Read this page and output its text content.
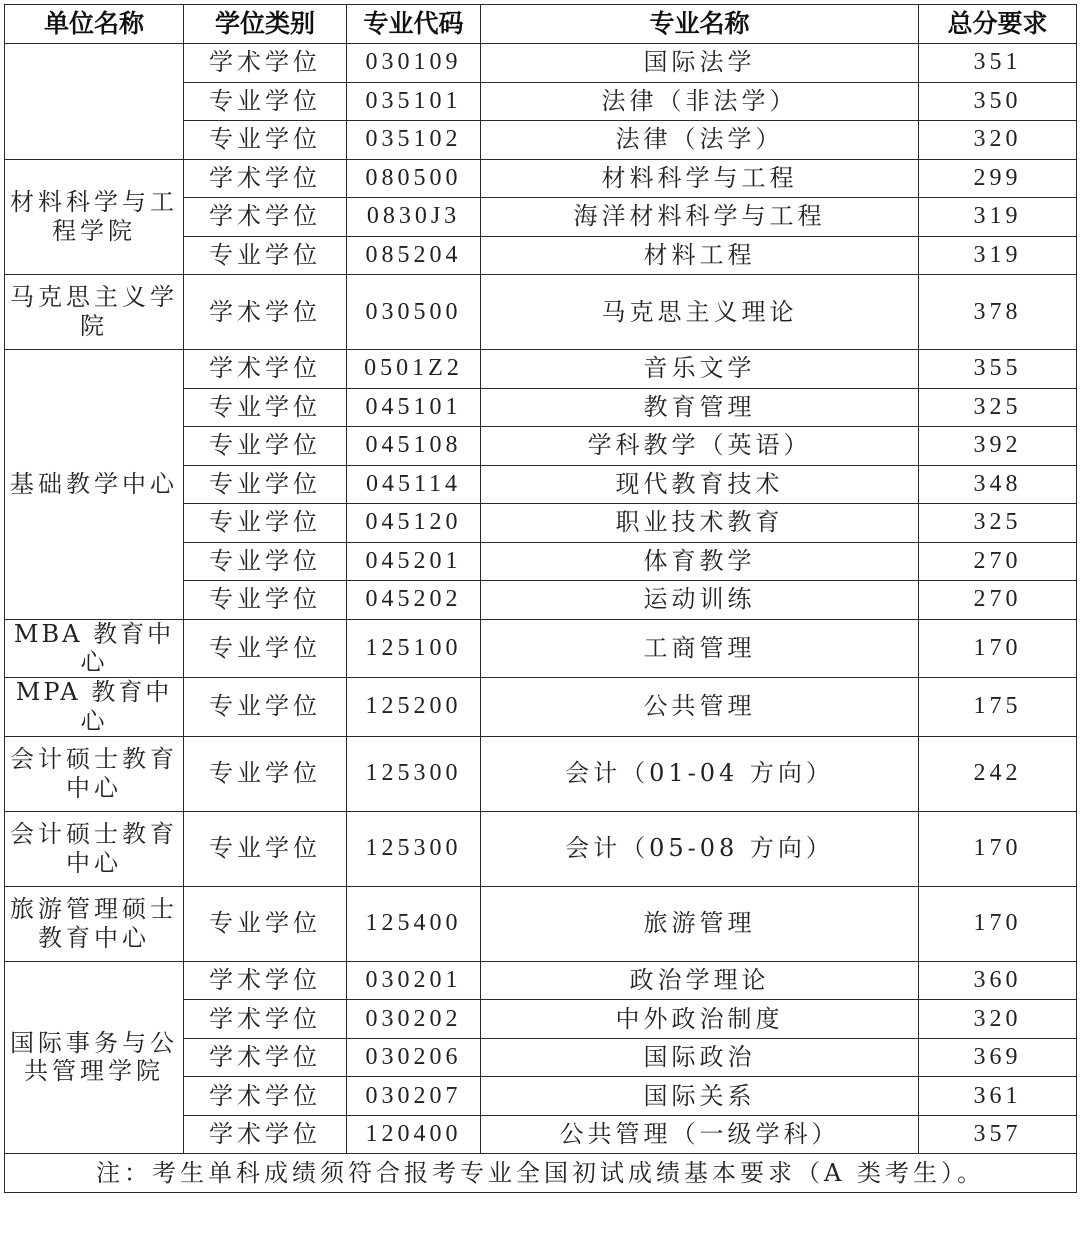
单位名称	学位类别	专业代码	专业名称	总分要求
	学术学位	030109	国际法学	351
	专业学位	035101	法律（非法学）	350
	专业学位	035102	法律（法学）	320
材料科学与工程学院	学术学位	080500	材料科学与工程	299
	学术学位	0830J3	海洋材料科学与工程	319
	专业学位	085204	材料工程	319
马克思主义学院	学术学位	030500	马克思主义理论	378
基础教学中心	学术学位	0501Z2	音乐文学	355
	专业学位	045101	教育管理	325
	专业学位	045108	学科教学（英语）	392
	专业学位	045114	现代教育技术	348
	专业学位	045120	职业技术教育	325
	专业学位	045201	体育教学	270
	专业学位	045202	运动训练	270
MBA 教育中心	专业学位	125100	工商管理	170
MPA 教育中心	专业学位	125200	公共管理	175
会计硕士教育中心	专业学位	125300	会计（01-04 方向）	242
会计硕士教育中心	专业学位	125300	会计（05-08 方向）	170
旅游管理硕士教育中心	专业学位	125400	旅游管理	170
国际事务与公共管理学院	学术学位	030201	政治学理论	360
	学术学位	030202	中外政治制度	320
	学术学位	030206	国际政治	369
	学术学位	030207	国际关系	361
	学术学位	120400	公共管理（一级学科）	357
注：考生单科成绩须符合报考专业全国初试成绩基本要求（A 类考生）。				
